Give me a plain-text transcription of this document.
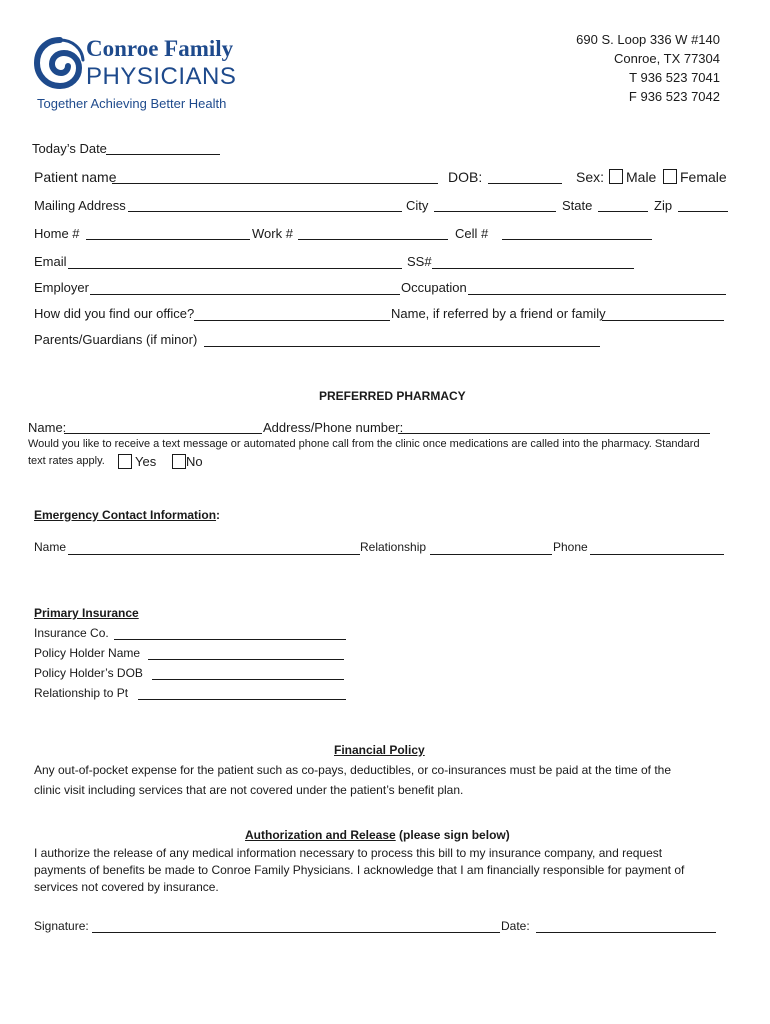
Conroe Family
PHYSICIANS
Together Achieving Better Health
690 S. Loop 336 W #140
Conroe, TX 77304
T 936 523 7041
F 936 523 7042
Today’s Date
Patient name	DOB:	Sex: Male Female
Mailing Address	City	State	Zip
Home #	Work #	Cell #
Email	SS#
Employer	Occupation
How did you find our office?	Name, if referred by a friend or family
Parents/Guardians (if minor)
PREFERRED PHARMACY
Name:	Address/Phone number:
Would you like to receive a text message or automated phone call from the clinic once medications are called into the pharmacy. Standard
text rates apply. Yes No
Emergency Contact Information:
Name	Relationship	Phone
Primary Insurance
Insurance Co.
Policy Holder Name
Policy Holder’s DOB
Relationship to Pt
Financial Policy
Any out-of-pocket expense for the patient such as co-pays, deductibles, or co-insurances must be paid at the time of the
clinic visit including services that are not covered under the patient’s benefit plan.
Authorization and Release (please sign below)
I authorize the release of any medical information necessary to process this bill to my insurance company, and request
payments of benefits be made to Conroe Family Physicians. I acknowledge that I am financially responsible for payment of
services not covered by insurance.
Signature:	Date:
